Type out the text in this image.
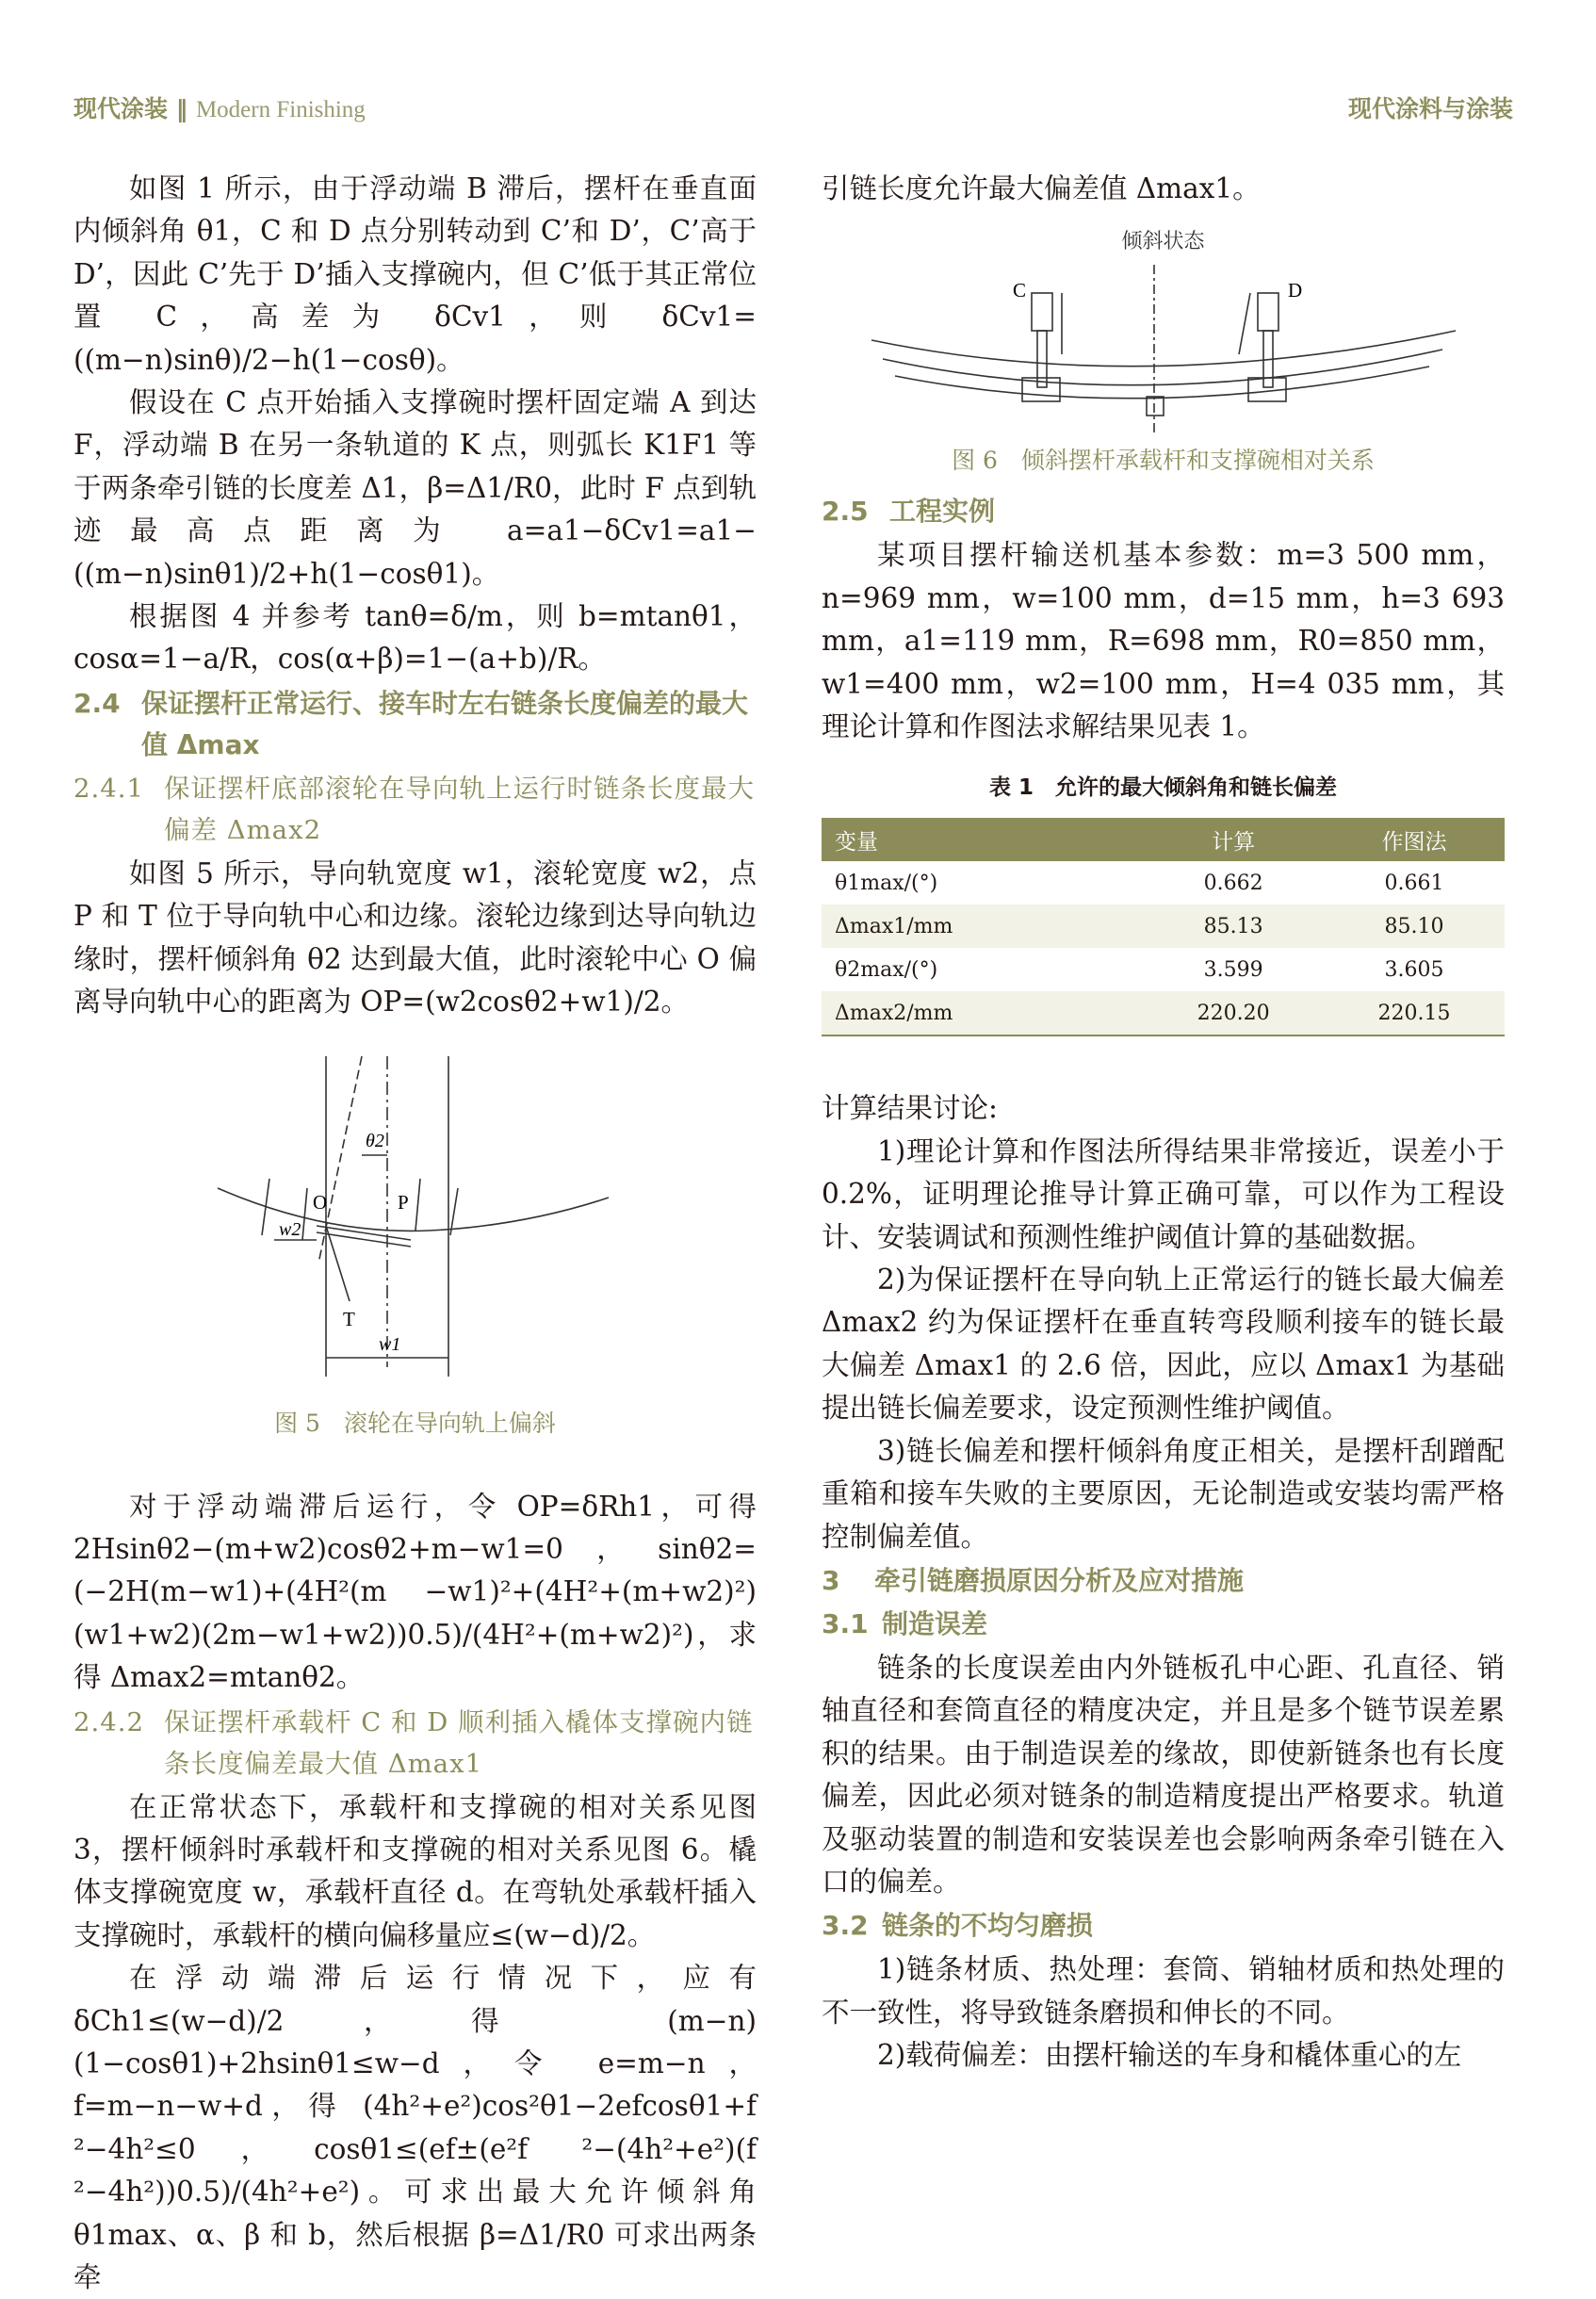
现代涂装 ‖ Modern Finishing	现代涂料与涂装

如图 1 所示，由于浮动端 B 滞后，摆杆在垂直面内倾斜角 θ1，C 和 D 点分别转动到 C’和 D’，C’高于 D’，因此 C’先于 D’插入支撑碗内，但 C’低于其正常位置 C，高差为 δCv1，则 δCv1=((m−n)sinθ)/2−h(1−cosθ)。

假设在 C 点开始插入支撑碗时摆杆固定端 A 到达 F，浮动端 B 在另一条轨道的 K 点，则弧长 K1F1 等于两条牵引链的长度差 Δ1，β=Δ1/R0，此时 F 点到轨迹最高点距离为 a=a1−δCv1=a1−((m−n)sinθ1)/2+h(1−cosθ1)。

根据图 4 并参考 tanθ=δ/m，则 b=mtanθ1，cosα=1−a/R，cos(α+β)=1−(a+b)/R。

2.4 保证摆杆正常运行、接车时左右链条长度偏差的最大值 Δmax
2.4.1 保证摆杆底部滚轮在导向轨上运行时链条长度最大偏差 Δmax2

如图 5 所示，导向轨宽度 w1，滚轮宽度 w2，点 P 和 T 位于导向轨中心和边缘。滚轮边缘到达导向轨边缘时，摆杆倾斜角 θ2 达到最大值，此时滚轮中心 O 偏离导向轨中心的距离为 OP=(w2cosθ2+w1)/2。

θ2
O	P
w2
T
w1

图 5　滚轮在导向轨上偏斜

对于浮动端滞后运行，令 OP=δRh1，可得 2Hsinθ2−(m+w2)cosθ2+m−w1=0，sinθ2=(−2H(m−w1)+(4H²(m −w1)²+(4H²+(m+w2)²)(w1+w2)(2m−w1+w2))0.5)/(4H²+(m+w2)²)，求得 Δmax2=mtanθ2。

2.4.2 保证摆杆承载杆 C 和 D 顺利插入橇体支撑碗内链条长度偏差最大值 Δmax1

在正常状态下，承载杆和支撑碗的相对关系见图 3，摆杆倾斜时承载杆和支撑碗的相对关系见图 6。橇体支撑碗宽度 w，承载杆直径 d。在弯轨处承载杆插入支撑碗时，承载杆的横向偏移量应≤(w−d)/2。

在浮动端滞后运行情况下，应有 δCh1≤(w−d)/2，得 (m−n)(1−cosθ1)+2hsinθ1≤w−d，令 e=m−n，f=m−n−w+d，得 (4h²+e²)cos²θ1−2efcosθ1+f ²−4h²≤0，cosθ1≤(ef±(e²f ²−(4h²+e²)(f ²−4h²))0.5)/(4h²+e²)。可求出最大允许倾斜角 θ1max、α、β 和 b，然后根据 β=Δ1/R0 可求出两条牵

引链长度允许最大偏差值 Δmax1。

倾斜状态
C	D

图 6　倾斜摆杆承载杆和支撑碗相对关系

2.5 工程实例

某项目摆杆输送机基本参数：m=3 500 mm，n=969 mm，w=100 mm，d=15 mm，h=3 693 mm，a1=119 mm，R=698 mm，R0=850 mm，w1=400 mm，w2=100 mm，H=4 035 mm，其理论计算和作图法求解结果见表 1。

表 1　允许的最大倾斜角和链长偏差
变量	计算	作图法
θ1max/(°)	0.662	0.661
Δmax1/mm	85.13	85.10
θ2max/(°)	3.599	3.605
Δmax2/mm	220.20	220.15

计算结果讨论:

1)理论计算和作图法所得结果非常接近，误差小于 0.2%，证明理论推导计算正确可靠，可以作为工程设计、安装调试和预测性维护阈值计算的基础数据。

2)为保证摆杆在导向轨上正常运行的链长最大偏差 Δmax2 约为保证摆杆在垂直转弯段顺利接车的链长最大偏差 Δmax1 的 2.6 倍，因此，应以 Δmax1 为基础提出链长偏差要求，设定预测性维护阈值。

3)链长偏差和摆杆倾斜角度正相关，是摆杆刮蹭配重箱和接车失败的主要原因，无论制造或安装均需严格控制偏差值。

3 牵引链磨损原因分析及应对措施
3.1 制造误差

链条的长度误差由内外链板孔中心距、孔直径、销轴直径和套筒直径的精度决定，并且是多个链节误差累积的结果。由于制造误差的缘故，即使新链条也有长度偏差，因此必须对链条的制造精度提出严格要求。轨道及驱动装置的制造和安装误差也会影响两条牵引链在入口的偏差。

3.2 链条的不均匀磨损

1)链条材质、热处理：套筒、销轴材质和热处理的不一致性，将导致链条磨损和伸长的不同。

2)载荷偏差：由摆杆输送的车身和橇体重心的左
